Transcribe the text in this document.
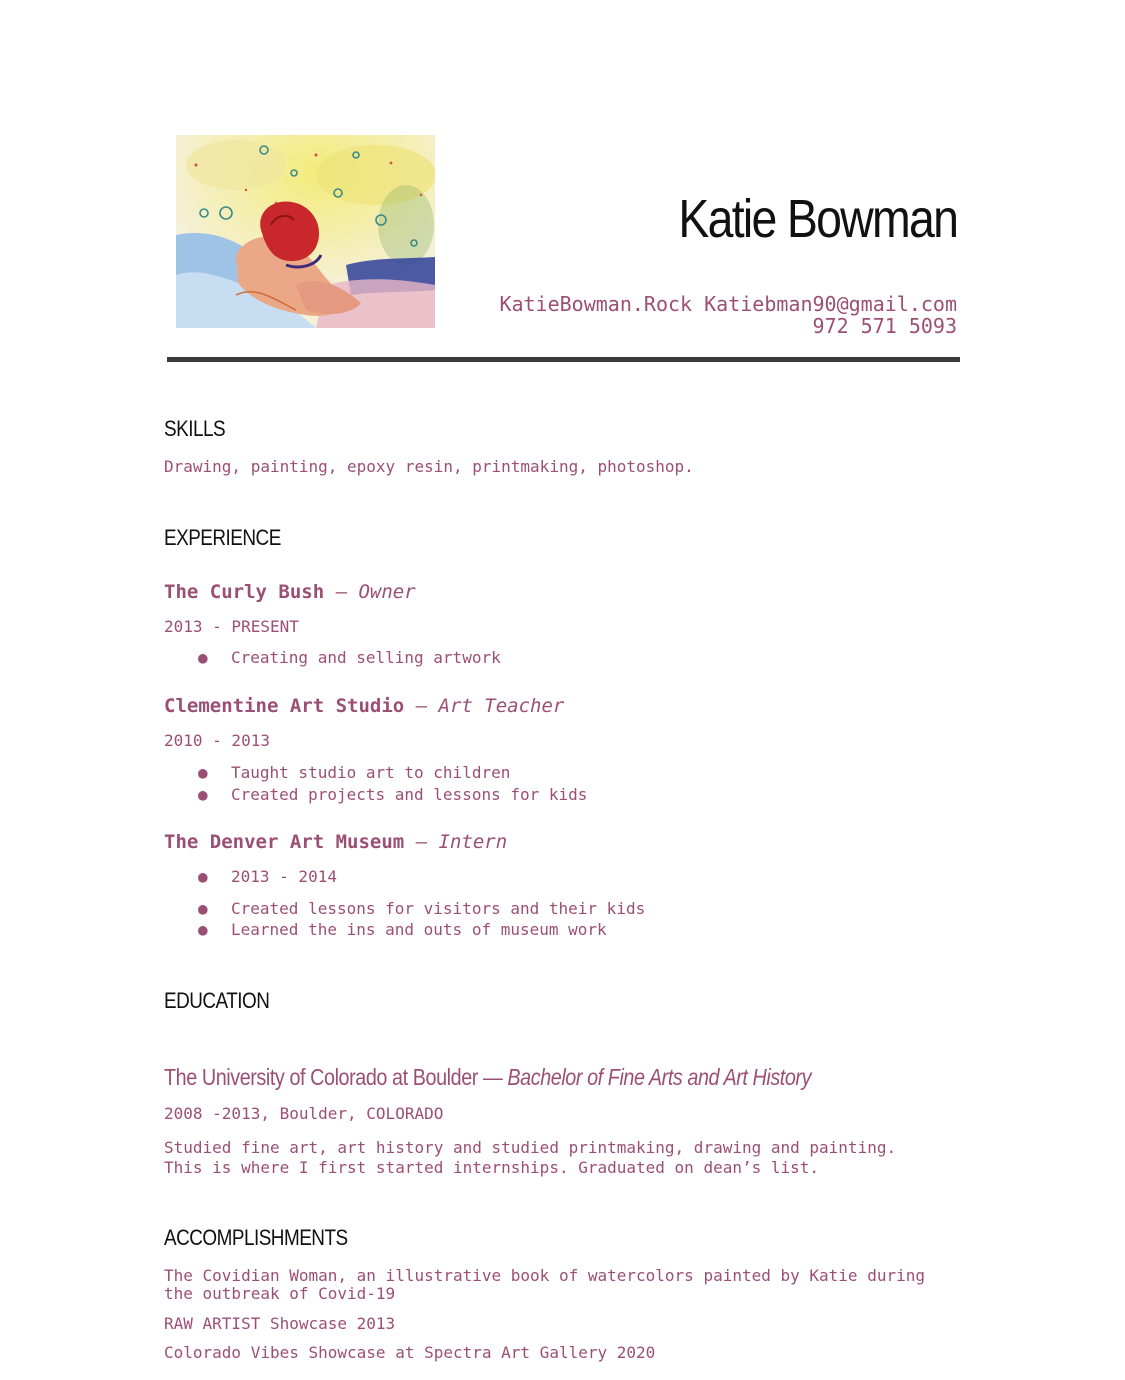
Katie Bowman
KatieBowman.Rock Katiebman90@gmail.com
972 571 5093
SKILLS
Drawing, painting, epoxy resin, printmaking, photoshop.
EXPERIENCE
The Curly Bush — Owner
2013 - PRESENT
● Creating and selling artwork
Clementine Art Studio — Art Teacher
2010 - 2013
● Taught studio art to children
● Created projects and lessons for kids
The Denver Art Museum — Intern
● 2013 - 2014
● Created lessons for visitors and their kids
● Learned the ins and outs of museum work
EDUCATION
The University of Colorado at Boulder — Bachelor of Fine Arts and Art History
2008 -2013, Boulder, COLORADO
Studied fine art, art history and studied printmaking, drawing and painting.
This is where I first started internships. Graduated on dean’s list.
ACCOMPLISHMENTS
The Covidian Woman, an illustrative book of watercolors painted by Katie during
the outbreak of Covid-19
RAW ARTIST Showcase 2013
Colorado Vibes Showcase at Spectra Art Gallery 2020
